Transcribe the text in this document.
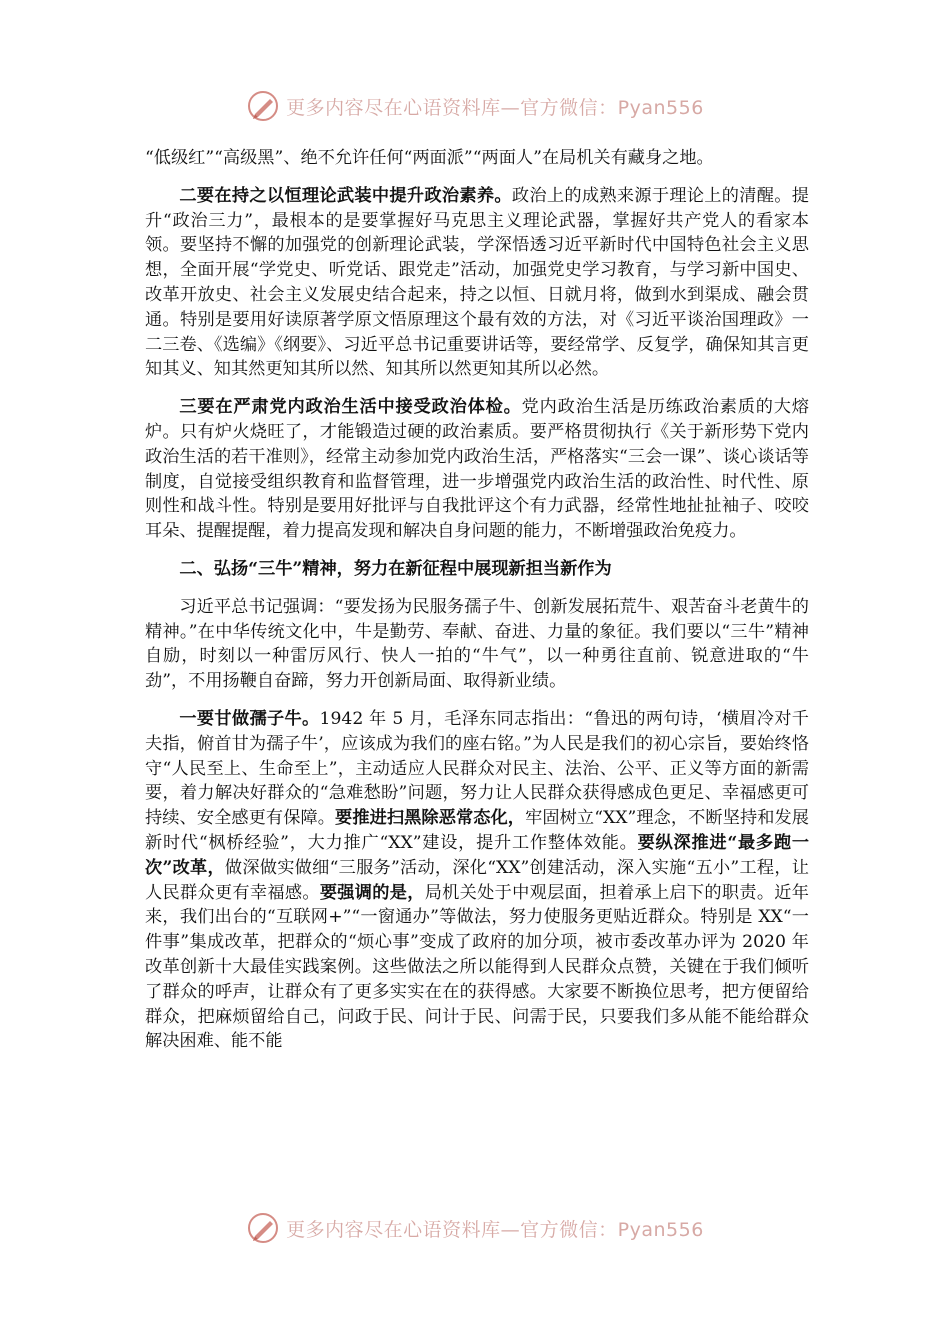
更多内容尽在心语资料库—官方微信：Pyan556

“低级红”“高级黑”、绝不允许任何“两面派”“两面人”在局机关有藏身之地。

二要在持之以恒理论武装中提升政治素养。政治上的成熟来源于理论上的清醒。提升“政治三力”，最根本的是要掌握好马克思主义理论武器，掌握好共产党人的看家本领。要坚持不懈的加强党的创新理论武装，学深悟透习近平新时代中国特色社会主义思想，全面开展“学党史、听党话、跟党走”活动，加强党史学习教育，与学习新中国史、改革开放史、社会主义发展史结合起来，持之以恒、日就月将，做到水到渠成、融会贯通。特别是要用好读原著学原文悟原理这个最有效的方法，对《习近平谈治国理政》一二三卷、《选编》《纲要》、习近平总书记重要讲话等，要经常学、反复学，确保知其言更知其义、知其然更知其所以然、知其所以然更知其所以必然。

三要在严肃党内政治生活中接受政治体检。党内政治生活是历练政治素质的大熔炉。只有炉火烧旺了，才能锻造过硬的政治素质。要严格贯彻执行《关于新形势下党内政治生活的若干准则》，经常主动参加党内政治生活，严格落实“三会一课”、谈心谈话等制度，自觉接受组织教育和监督管理，进一步增强党内政治生活的政治性、时代性、原则性和战斗性。特别是要用好批评与自我批评这个有力武器，经常性地扯扯袖子、咬咬耳朵、提醒提醒，着力提高发现和解决自身问题的能力，不断增强政治免疫力。

二、弘扬“三牛”精神，努力在新征程中展现新担当新作为

习近平总书记强调：“要发扬为民服务孺子牛、创新发展拓荒牛、艰苦奋斗老黄牛的精神。”在中华传统文化中，牛是勤劳、奉献、奋进、力量的象征。我们要以“三牛”精神自励，时刻以一种雷厉风行、快人一拍的“牛气”，以一种勇往直前、锐意进取的“牛劲”，不用扬鞭自奋蹄，努力开创新局面、取得新业绩。

一要甘做孺子牛。1942 年 5 月，毛泽东同志指出：“鲁迅的两句诗，‘横眉冷对千夫指，俯首甘为孺子牛’，应该成为我们的座右铭。”为人民是我们的初心宗旨，要始终恪守“人民至上、生命至上”，主动适应人民群众对民主、法治、公平、正义等方面的新需要，着力解决好群众的“急难愁盼”问题，努力让人民群众获得感成色更足、幸福感更可持续、安全感更有保障。要推进扫黑除恶常态化，牢固树立“XX”理念，不断坚持和发展新时代“枫桥经验”，大力推广“XX”建设，提升工作整体效能。要纵深推进“最多跑一次”改革，做深做实做细“三服务”活动，深化“XX”创建活动，深入实施“五小”工程，让人民群众更有幸福感。要强调的是，局机关处于中观层面，担着承上启下的职责。近年来，我们出台的“互联网+”“一窗通办”等做法，努力使服务更贴近群众。特别是 XX“一件事”集成改革，把群众的“烦心事”变成了政府的加分项，被市委改革办评为 2020 年改革创新十大最佳实践案例。这些做法之所以能得到人民群众点赞，关键在于我们倾听了群众的呼声，让群众有了更多实实在在的获得感。大家要不断换位思考，把方便留给群众，把麻烦留给自己，问政于民、问计于民、问需于民，只要我们多从能不能给群众解决困难、能不能

更多内容尽在心语资料库—官方微信：Pyan556
